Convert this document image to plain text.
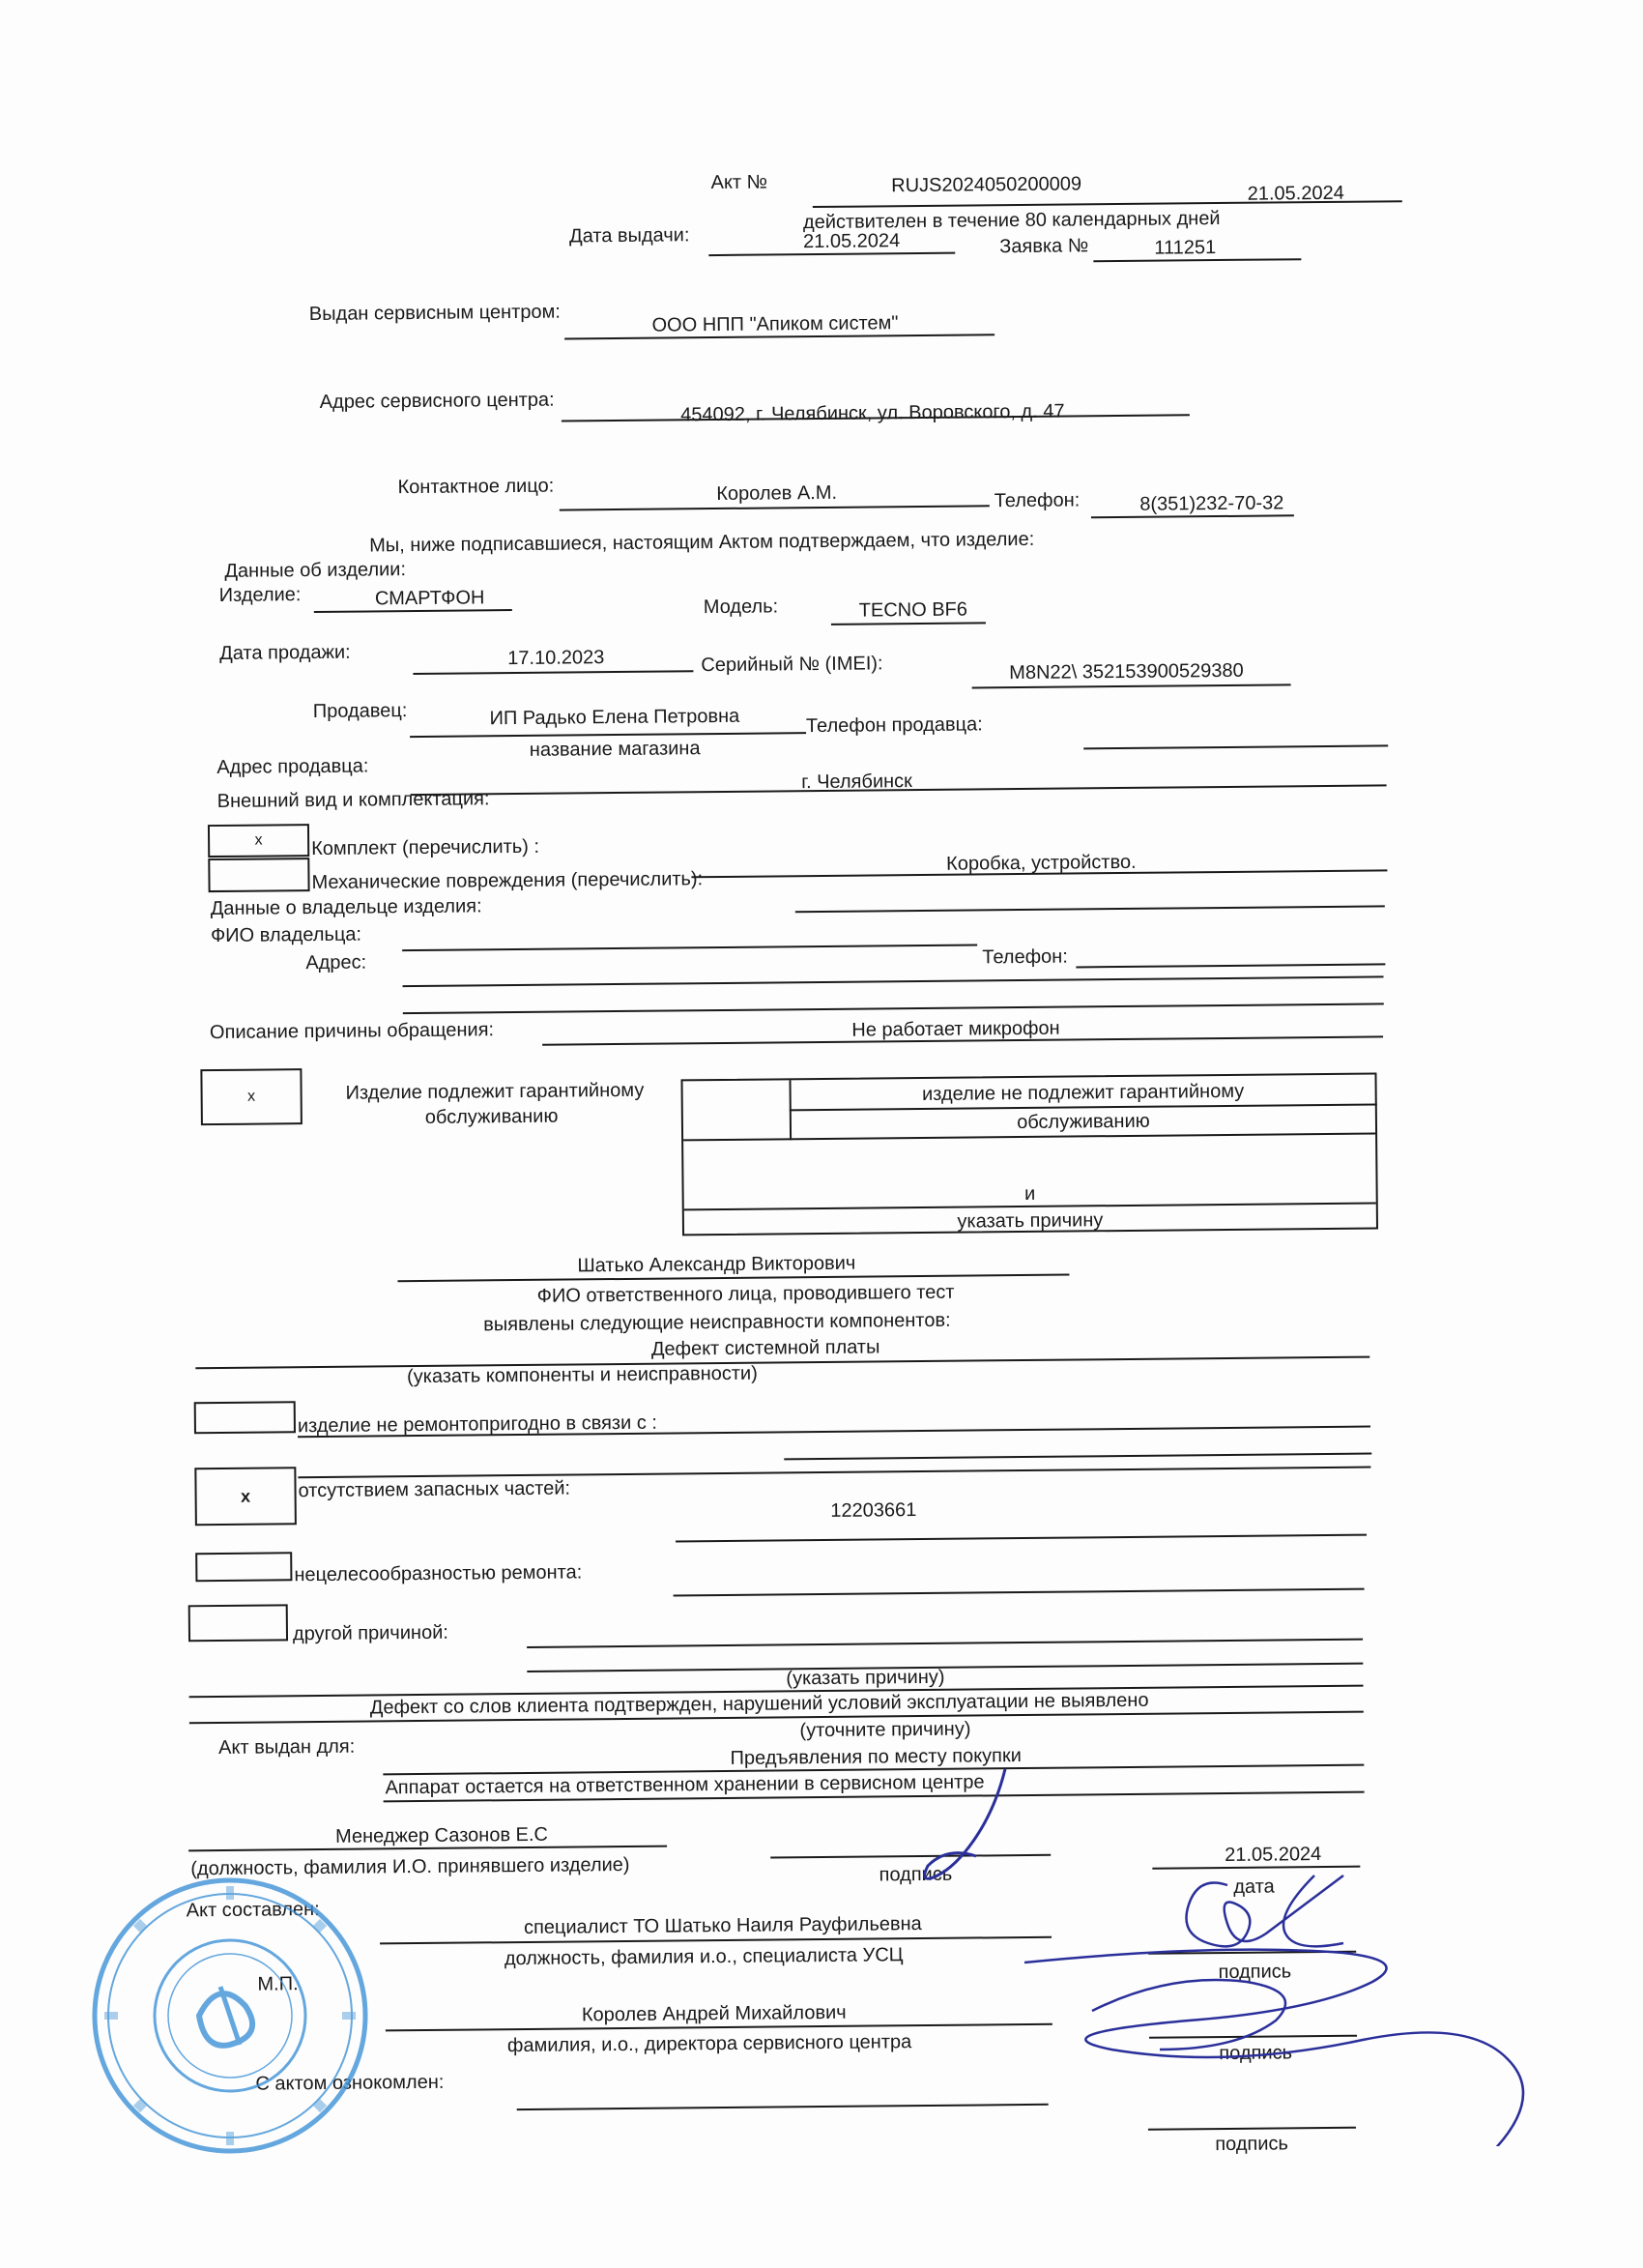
Акт №	RUJS2024050200009	21.05.2024
действителен в течение 80 календарных дней
Дата выдачи:	21.05.2024	Заявка №	111251
Выдан сервисным центром:	ООО НПП "Апиком систем"
Адрес сервисного центра:	454092, г. Челябинск, ул. Воровского, д. 47
Контактное лицо:	Королев А.М.	Телефон:	8(351)232-70-32
Мы, ниже подписавшиеся, настоящим Актом подтверждаем, что изделие:
Данные об изделии:
Изделие:	СМАРТФОН	Модель:	TECNO BF6
Дата продажи:	17.10.2023	Серийный № (IMEI):	M8N22\ 352153900529380
Продавец:	ИП Радько Елена Петровна
название магазина
Телефон продавца:
Адрес продавца:
г. Челябинск
Внешний вид и комплектация:
x	Комплект (перечислить) :
Коробка, устройство.
Механические повреждения (перечислить):
Данные о владельце изделия:
ФИО владельца:
Адрес:	Телефон:
Описание причины обращения:	Не работает микрофон
x	Изделие подлежит гарантийному
обслуживанию
изделие не подлежит гарантийному
обслуживанию
и
указать причину
Шатько Александр Викторович
ФИО ответственного лица, проводившего тест
выявлены следующие неисправности компонентов:
Дефект системной платы
(указать компоненты и неисправности)
изделие не ремонтопригодно в связи с :
x	отсутствием запасных частей:
12203661
нецелесообразностью ремонта:
другой причиной:
(указать причину)
Дефект со слов клиента подтвержден, нарушений условий эксплуатации не выявлено
(уточните причину)
Акт выдан для:	Предъявления по месту покупки
Аппарат остается на ответственном хранении в сервисном центре
Менеджер Сазонов Е.С
(должность, фамилия И.О. принявшего изделие)	подпись
21.05.2024
дата
Акт составлен:
специалист ТО Шатько Наиля Рауфильевна
должность, фамилия и.о., специалиста УСЦ
подпись
М.П.
Королев Андрей Михайлович
фамилия, и.о., директора сервисного центра	подпись
С актом ознокомлен:
подпись
